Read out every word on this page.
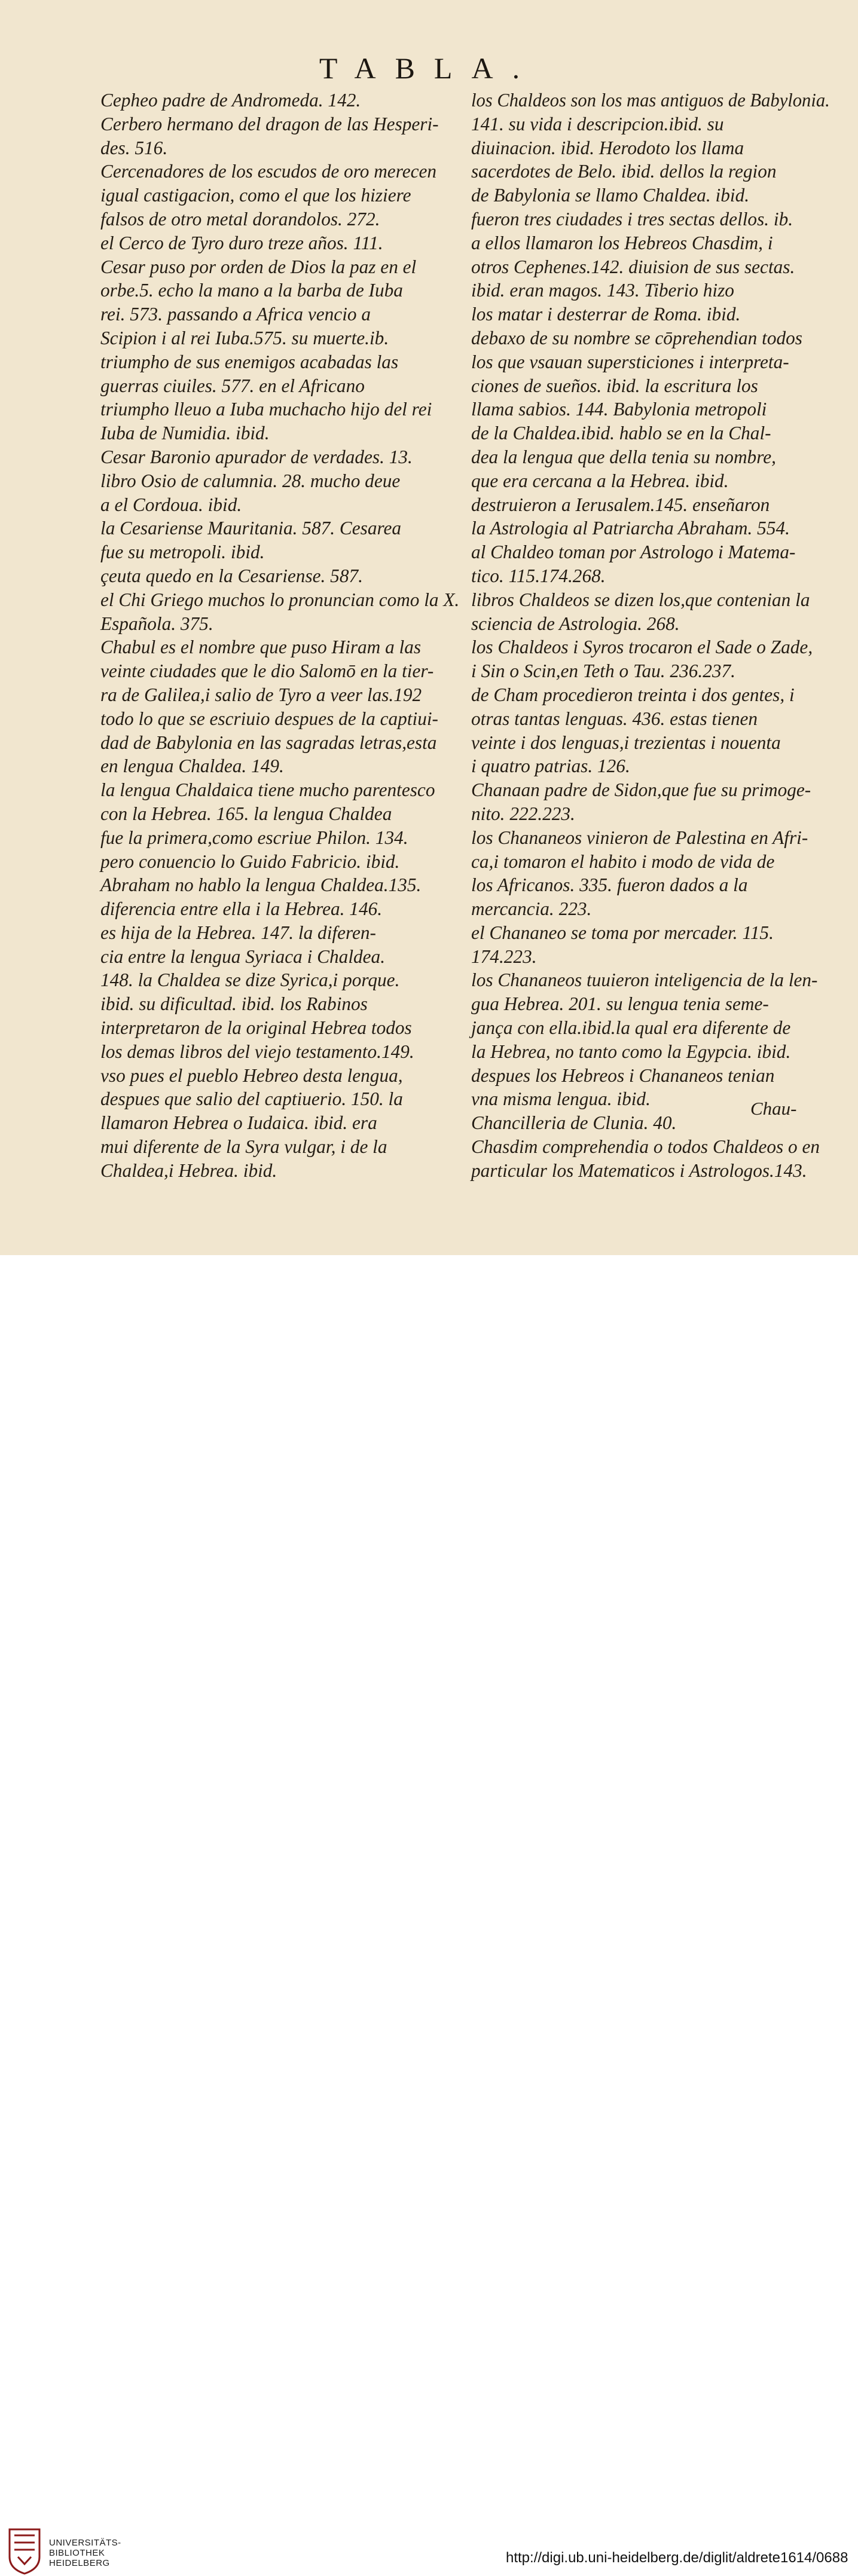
TABLA.
Cepheo padre de Andromeda. 142.
Cerbero hermano del dragon de las Hesperi-
des. 516.
Cercenadores de los escudos de oro merecen
igual castigacion, como el que los hiziere
falsos de otro metal dorandolos. 272.
el Cerco de Tyro duro treze años. 111.
Cesar puso por orden de Dios la paz en el
orbe.5. echo la mano a la barba de Iuba
rei. 573. passando a Africa vencio a
Scipion i al rei Iuba.575. su muerte.ib.
triumpho de sus enemigos acabadas las
guerras ciuiles. 577. en el Africano
triumpho lleuo a Iuba muchacho hijo del rei
Iuba de Numidia. ibid.
Cesar Baronio apurador de verdades. 13.
libro Osio de calumnia. 28. mucho deue
a el Cordoua. ibid.
la Cesariense Mauritania. 587. Cesarea
fue su metropoli. ibid.
çeuta quedo en la Cesariense. 587.
el Chi Griego muchos lo pronuncian como la X.
Española. 375.
Chabul es el nombre que puso Hiram a las
veinte ciudades que le dio Salomō en la tier-
ra de Galilea,i salio de Tyro a veer las.192
todo lo que se escriuio despues de la captiui-
dad de Babylonia en las sagradas letras,esta
en lengua Chaldea. 149.
la lengua Chaldaica tiene mucho parentesco
con la Hebrea. 165. la lengua Chaldea
fue la primera,como escriue Philon. 134.
pero conuencio lo Guido Fabricio. ibid.
Abraham no hablo la lengua Chaldea.135.
diferencia entre ella i la Hebrea. 146.
es hija de la Hebrea. 147. la diferen-
cia entre la lengua Syriaca i Chaldea.
148. la Chaldea se dize Syrica,i porque.
ibid. su dificultad. ibid. los Rabinos
interpretaron de la original Hebrea todos
los demas libros del viejo testamento.149.
vso pues el pueblo Hebreo desta lengua,
despues que salio del captiuerio. 150. la
llamaron Hebrea o Iudaica. ibid. era
mui diferente de la Syra vulgar, i de la
Chaldea,i Hebrea. ibid.
los Chaldeos son los mas antiguos de Babylonia.
141. su vida i descripcion.ibid. su
diuinacion. ibid. Herodoto los llama
sacerdotes de Belo. ibid. dellos la region
de Babylonia se llamo Chaldea. ibid.
fueron tres ciudades i tres sectas dellos. ib.
a ellos llamaron los Hebreos Chasdim, i
otros Cephenes.142. diuision de sus sectas.
ibid. eran magos. 143. Tiberio hizo
los matar i desterrar de Roma. ibid.
debaxo de su nombre se cōprehendian todos
los que vsauan supersticiones i interpreta-
ciones de sueños. ibid. la escritura los
llama sabios. 144. Babylonia metropoli
de la Chaldea.ibid. hablo se en la Chal-
dea la lengua que della tenia su nombre,
que era cercana a la Hebrea. ibid.
destruieron a Ierusalem.145. enseñaron
la Astrologia al Patriarcha Abraham. 554.
al Chaldeo toman por Astrologo i Matema-
tico. 115.174.268.
libros Chaldeos se dizen los,que contenian la
sciencia de Astrologia. 268.
los Chaldeos i Syros trocaron el Sade o Zade,
i Sin o Scin,en Teth o Tau. 236.237.
de Cham procedieron treinta i dos gentes, i
otras tantas lenguas. 436. estas tienen
veinte i dos lenguas,i trezientas i nouenta
i quatro patrias. 126.
Chanaan padre de Sidon,que fue su primoge-
nito. 222.223.
los Chananeos vinieron de Palestina en Afri-
ca,i tomaron el habito i modo de vida de
los Africanos. 335. fueron dados a la
mercancia. 223.
el Chananeo se toma por mercader. 115.
174.223.
los Chananeos tuuieron inteligencia de la len-
gua Hebrea. 201. su lengua tenia seme-
jança con ella.ibid.la qual era diferente de
la Hebrea, no tanto como la Egypcia. ibid.
despues los Hebreos i Chananeos tenian
vna misma lengua. ibid.
Chancilleria de Clunia. 40.
Chasdim comprehendia o todos Chaldeos o en
particular los Matematicos i Astrologos.143.
Chau-
UNIVERSITÄTS-
BIBLIOTHEK
HEIDELBERG	http://digi.ub.uni-heidelberg.de/diglit/aldrete1614/0688
